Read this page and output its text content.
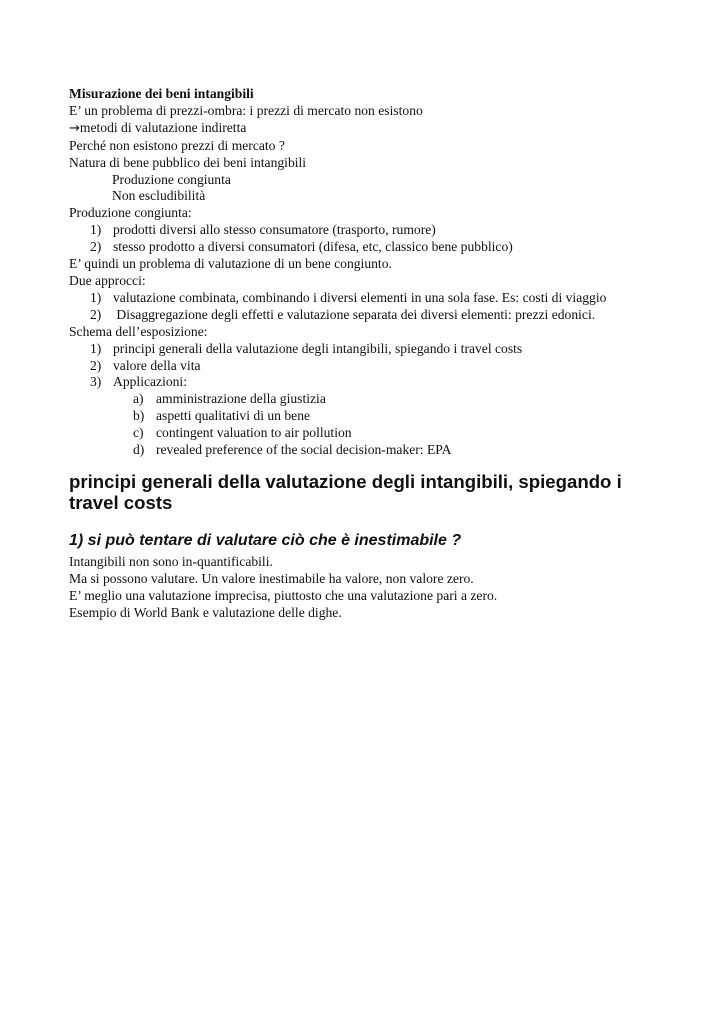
Misurazione dei beni intangibili
E’ un problema di prezzi-ombra: i prezzi di mercato non esistono
→metodi di valutazione indiretta
Perché non esistono prezzi di mercato ?
Natura di bene pubblico dei beni intangibili
Produzione congiunta
Non escludibilità
Produzione congiunta:
1) prodotti diversi allo stesso consumatore (trasporto, rumore)
2) stesso prodotto a diversi consumatori (difesa, etc, classico bene pubblico)
E’ quindi un problema di valutazione di un bene congiunto.
Due approcci:
1) valutazione combinata, combinando i diversi elementi in una sola fase. Es: costi di viaggio
2) Disaggregazione degli effetti e valutazione separata dei diversi elementi: prezzi edonici.
Schema dell’esposizione:
1) principi generali della valutazione degli intangibili, spiegando i travel costs
2) valore della vita
3) Applicazioni:
a) amministrazione della giustizia
b) aspetti qualitativi di un bene
c) contingent valuation to air pollution
d) revealed preference of the social decision-maker: EPA
principi generali della valutazione degli intangibili, spiegando i
travel costs
1) si può tentare di valutare ciò che è inestimabile ?
Intangibili non sono in-quantificabili.
Ma si possono valutare. Un valore inestimabile ha valore, non valore zero.
E’ meglio una valutazione imprecisa, piuttosto che una valutazione pari a zero.
Esempio di World Bank e valutazione delle dighe.
